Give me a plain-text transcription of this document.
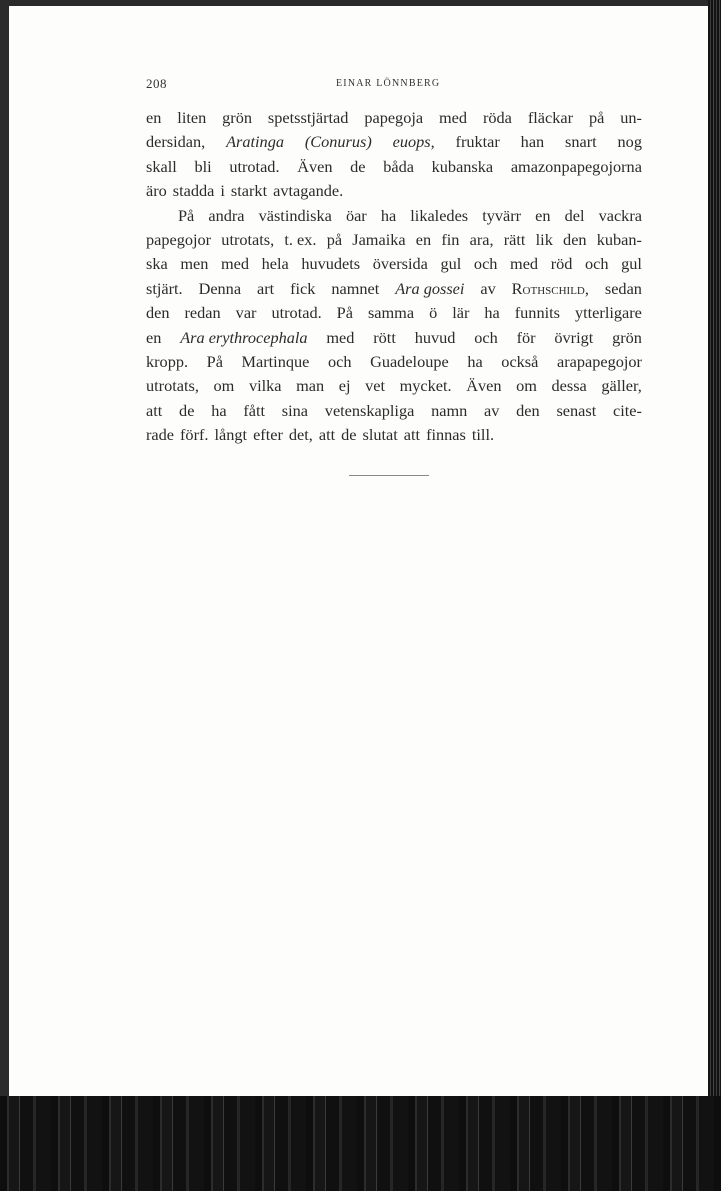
208	EINAR LÖNNBERG
en liten grön spetsstjärtad papegoja med röda fläckar på un-
dersidan, Aratinga (Conurus) euops, fruktar han snart nog
skall bli utrotad. Även de båda kubanska amazonpapegojorna
äro stadda i starkt avtagande.
På andra västindiska öar ha likaledes tyvärr en del vackra
papegojor utrotats, t. ex. på Jamaika en fin ara, rätt lik den kuban-
ska men med hela huvudets översida gul och med röd och gul
stjärt. Denna art fick namnet Ara gossei av Rothschild, sedan
den redan var utrotad. På samma ö lär ha funnits ytterligare
en Ara erythrocephala med rött huvud och för övrigt grön
kropp. På Martinque och Guadeloupe ha också arapapegojor
utrotats, om vilka man ej vet mycket. Även om dessa gäller,
att de ha fått sina vetenskapliga namn av den senast cite-
rade förf. långt efter det, att de slutat att finnas till.
